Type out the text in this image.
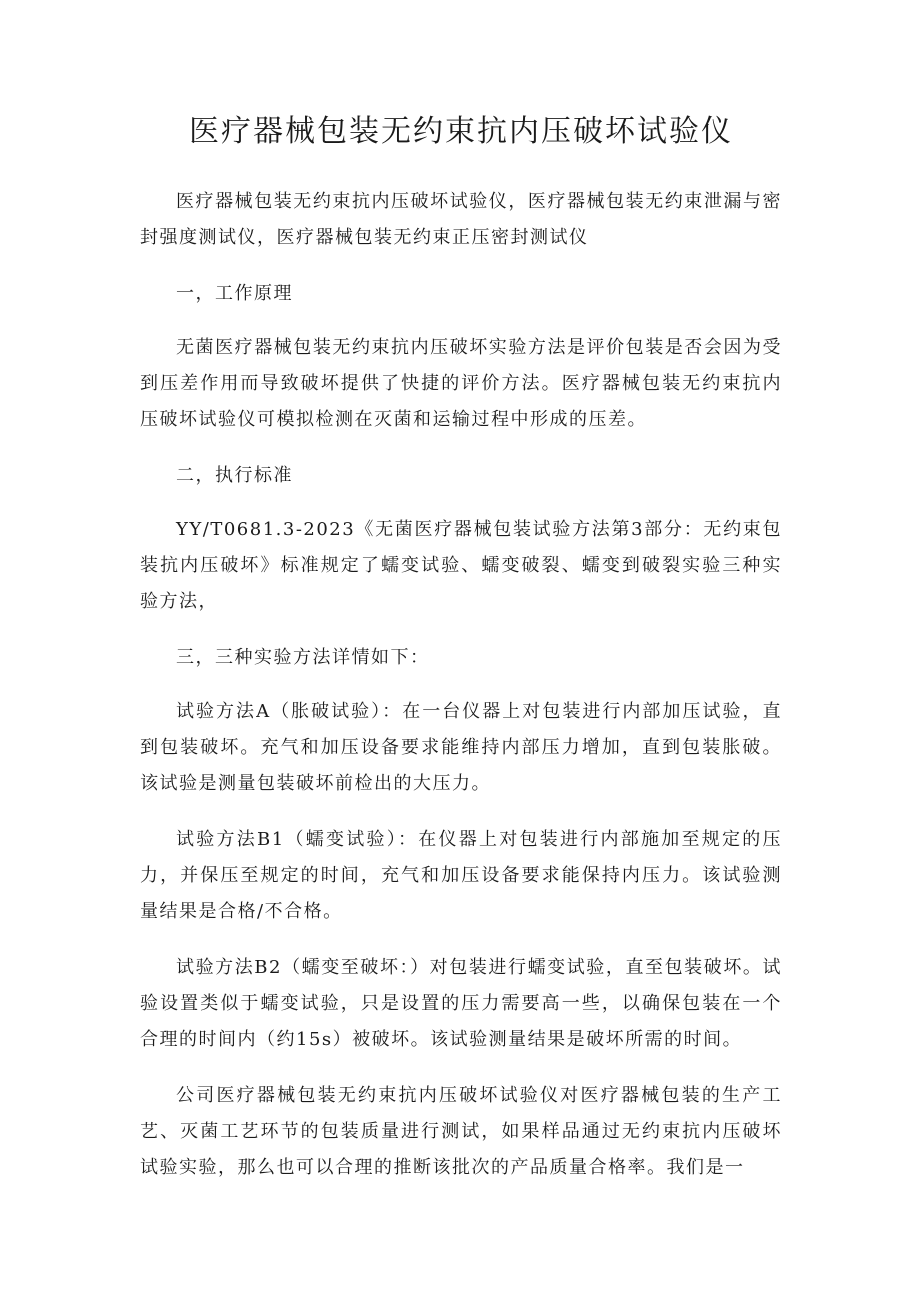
医疗器械包装无约束抗内压破坏试验仪

医疗器械包装无约束抗内压破坏试验仪，医疗器械包装无约束泄漏与密封强度测试仪，医疗器械包装无约束正压密封测试仪

一，工作原理

无菌医疗器械包装无约束抗内压破坏实验方法是评价包装是否会因为受到压差作用而导致破坏提供了快捷的评价方法。医疗器械包装无约束抗内压破坏试验仪可模拟检测在灭菌和运输过程中形成的压差。

二，执行标准

YY/T0681.3-2023《无菌医疗器械包装试验方法第3部分：无约束包装抗内压破坏》标准规定了蠕变试验、蠕变破裂、蠕变到破裂实验三种实验方法，

三，三种实验方法详情如下：

试验方法A（胀破试验）：在一台仪器上对包装进行内部加压试验，直到包装破坏。充气和加压设备要求能维持内部压力增加，直到包装胀破。该试验是测量包装破坏前检出的大压力。

试验方法B1（蠕变试验）：在仪器上对包装进行内部施加至规定的压力，并保压至规定的时间，充气和加压设备要求能保持内压力。该试验测量结果是合格/不合格。

试验方法B2（蠕变至破坏：）对包装进行蠕变试验，直至包装破坏。试验设置类似于蠕变试验，只是设置的压力需要高一些，以确保包装在一个合理的时间内（约15s）被破坏。该试验测量结果是破坏所需的时间。

公司医疗器械包装无约束抗内压破坏试验仪对医疗器械包装的生产工艺、灭菌工艺环节的包装质量进行测试，如果样品通过无约束抗内压破坏试验实验，那么也可以合理的推断该批次的产品质量合格率。我们是一
